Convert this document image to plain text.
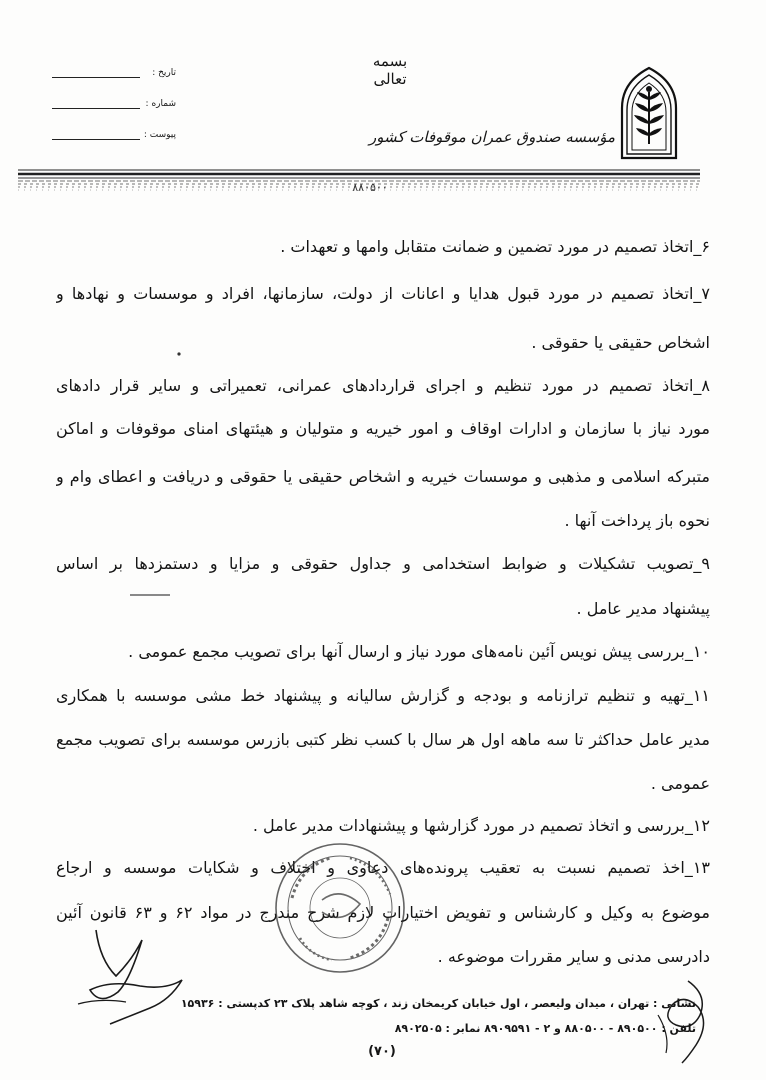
بسمه تعالی
مؤسسه صندوق عمران موقوفات کشور
تاریخ :
شماره :
پیوست :
۸۸۰۵۰۰
۶_اتخاذ تصمیم در مورد تضمین و ضمانت متقابل وامها و تعهدات .
۷_اتخاذ تصمیم در مورد قبول هدایا و اعانات از دولت، سازمانها، افراد و موسسات و نهادها و
اشخاص حقیقی یا حقوقی .
۸_اتخاذ تصمیم در مورد تنظیم و اجرای قراردادهای عمرانی، تعمیراتی و سایر قرار دادهای
مورد نیاز با سازمان و ادارات اوقاف و امور خیریه و متولیان و هیئتهای امنای موقوفات و اماکن
متبرکه اسلامی و مذهبی و موسسات خیریه و اشخاص حقیقی یا حقوقی و دریافت و اعطای وام و
نحوه باز پرداخت آنها .
۹_تصویب تشکیلات و ضوابط استخدامی و جداول حقوقی و مزایا و دستمزدها بر اساس
پیشنهاد مدیر عامل .
۱۰_بررسی پیش نویس آئین نامه‌های مورد نیاز و ارسال آنها برای تصویب مجمع عمومی .
۱۱_تهیه و تنظیم ترازنامه و بودجه و گزارش سالیانه و پیشنهاد خط مشی موسسه با همکاری
مدیر عامل حداکثر تا سه ماهه اول هر سال با کسب نظر کتبی بازرس موسسه برای تصویب مجمع
عمومی .
۱۲_بررسی و اتخاذ تصمیم در مورد گزارشها و پیشنهادات مدیر عامل .
۱۳_اخذ تصمیم نسبت به تعقیب پرونده‌های دعاوی و اختلاف و شکایات موسسه و ارجاع
موضوع به وکیل و کارشناس و تفویض اختیارات لازم شرح مندرج در مواد ۶۲ و ۶۳ قانون آئین
دادرسی مدنی و سایر مقررات موضوعه .
نشانی : تهران ، میدان ولیعصر ، اول خیابان کریمخان زند ، کوچه شاهد پلاک ۲۳ کدپستی : ۱۵۹۳۶
تلفن : ۸۹۰۵۰۰ - ۸۸۰۵۰۰ و ۲ - ۸۹۰۹۵۹۱ نمابر : ۸۹۰۲۵۰۵
(۷۰)
